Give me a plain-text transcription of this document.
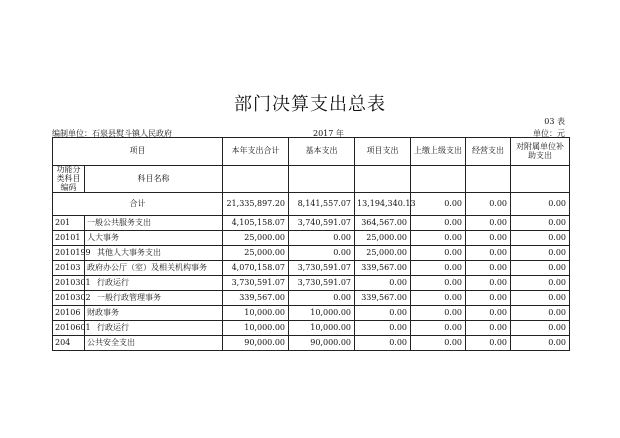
部门决算支出总表
03 表
编制单位：石泉县熨斗镇人民政府	2017 年	单位：元
项目		本年支出合计	基本支出	项目支出	上缴上级支出	经营支出	对附属单位补助支出
功能分类科目编码	科目名称						

合计		21,335,897.20	8,141,557.07	13,194,340.13	0.00	0.00	0.00
201	一般公共服务支出	4,105,158.07	3,740,591.07	364,567.00	0.00	0.00	0.00
20101	人大事务	25,000.00	0.00	25,000.00	0.00	0.00	0.00
2010199	其他人大事务支出	25,000.00	0.00	25,000.00	0.00	0.00	0.00
20103	政府办公厅（室）及相关机构事务	4,070,158.07	3,730,591.07	339,567.00	0.00	0.00	0.00
2010301	行政运行	3,730,591.07	3,730,591.07	0.00	0.00	0.00	0.00
2010302	一般行政管理事务	339,567.00	0.00	339,567.00	0.00	0.00	0.00
20106	财政事务	10,000.00	10,000.00	0.00	0.00	0.00	0.00
2010601	行政运行	10,000.00	10,000.00	0.00	0.00	0.00	0.00
204	公共安全支出	90,000.00	90,000.00	0.00	0.00	0.00	0.00
